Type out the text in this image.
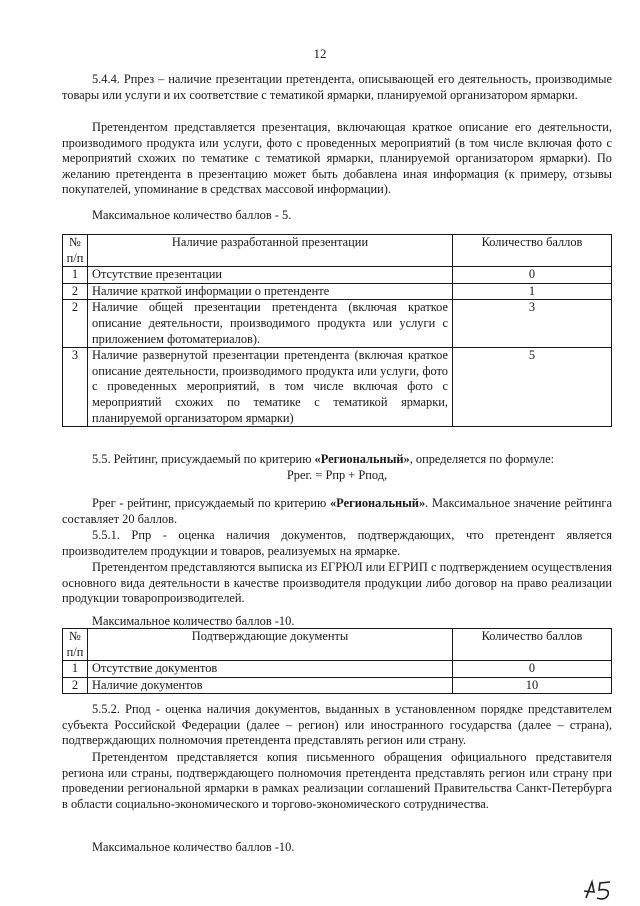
12
5.4.4. Рпрез – наличие презентации претендента, описывающей его деятельность, производимые товары или услуги и их соответствие с тематикой ярмарки, планируемой организатором ярмарки.
Претендентом представляется презентация, включающая краткое описание его деятельности, производимого продукта или услуги, фото с проведенных мероприятий (в том числе включая фото с мероприятий схожих по тематике с тематикой ярмарки, планируемой организатором ярмарки). По желанию претендента в презентацию может быть добавлена иная информация (к примеру, отзывы покупателей, упоминание в средствах массовой информации).
Максимальное количество баллов - 5.
№ п/п	Наличие разработанной презентации	Количество баллов
1	Отсутствие презентации	0
2	Наличие краткой информации о претенденте	1
2	Наличие общей презентации претендента (включая краткое описание деятельности, производимого продукта или услуги с приложением фотоматериалов).	3
3	Наличие развернутой презентации претендента (включая краткое описание деятельности, производимого продукта или услуги, фото с проведенных мероприятий, в том числе включая фото с мероприятий схожих по тематике с тематикой ярмарки, планируемой организатором ярмарки)	5
5.5. Рейтинг, присуждаемый по критерию «Региональный», определяется по формуле:
Ррег. = Рпр + Рпод,
Ррег - рейтинг, присуждаемый по критерию «Региональный». Максимальное значение рейтинга составляет 20 баллов.
5.5.1. Рпр - оценка наличия документов, подтверждающих, что претендент является производителем продукции и товаров, реализуемых на ярмарке.
Претендентом представляются выписка из ЕГРЮЛ или ЕГРИП с подтверждением осуществления основного вида деятельности в качестве производителя продукции либо договор на право реализации продукции товаропроизводителей.
Максимальное количество баллов -10.
№ п/п	Подтверждающие документы	Количество баллов
1	Отсутствие документов	0
2	Наличие документов	10
5.5.2. Рпод - оценка наличия документов, выданных в установленном порядке представителем субъекта Российской Федерации (далее – регион) или иностранного государства (далее – страна), подтверждающих полномочия претендента представлять регион или страну.
Претендентом представляется копия письменного обращения официального представителя региона или страны, подтверждающего полномочия претендента представлять регион или страну при проведении региональной ярмарки в рамках реализации соглашений Правительства Санкт-Петербурга в области социально-экономического и торгово-экономического сотрудничества.
Максимальное количество баллов -10.
